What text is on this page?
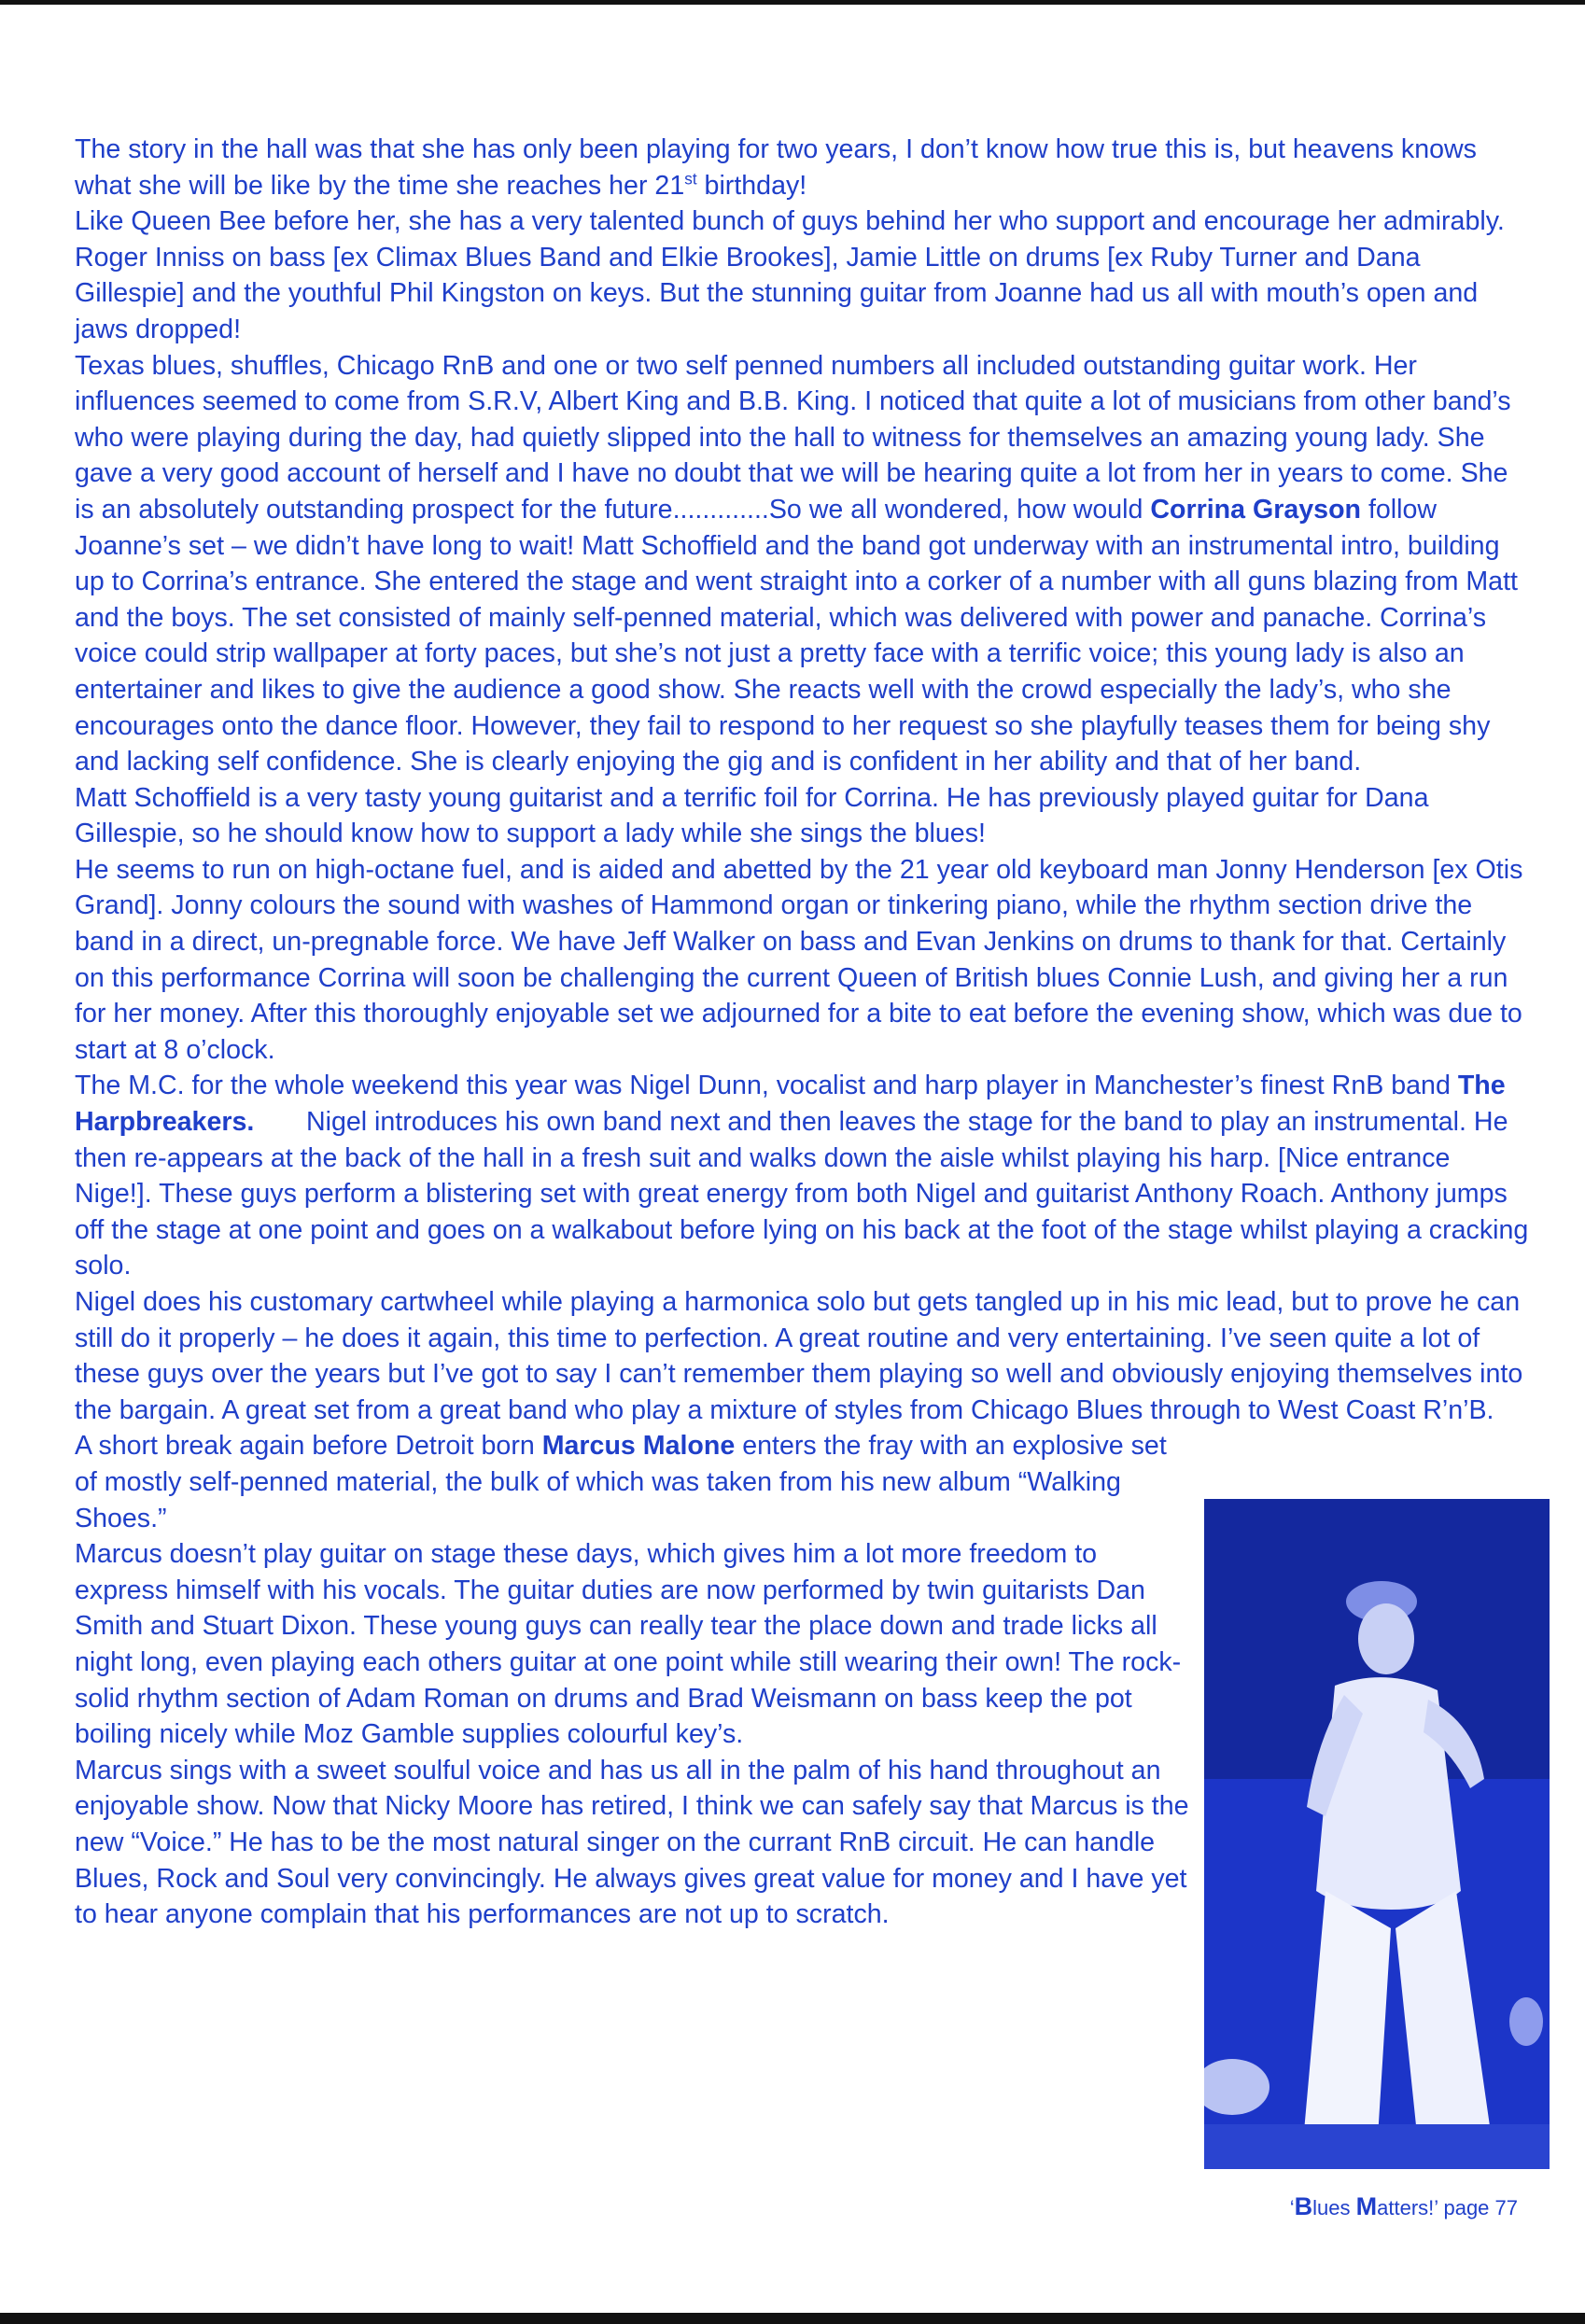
The story in the hall was that she has only been playing for two years, I don’t know how true this is, but heavens knows what she will be like by the time she reaches her 21st birthday!

Like Queen Bee before her, she has a very talented bunch of guys behind her who support and encourage her admirably. Roger Inniss on bass [ex Climax Blues Band and Elkie Brookes], Jamie Little on drums [ex Ruby Turner and Dana Gillespie] and the youthful Phil Kingston on keys. But the stunning guitar from Joanne had us all with mouth’s open and jaws dropped!

Texas blues, shuffles, Chicago RnB and one or two self penned numbers all included outstanding guitar work. Her influences seemed to come from S.R.V, Albert King and B.B. King. I noticed that quite a lot of musicians from other band’s who were playing during the day, had quietly slipped into the hall to witness for themselves an amazing young lady. She gave a very good account of herself and I have no doubt that we will be hearing quite a lot from her in years to come. She is an absolutely outstanding prospect for the future.............So we all wondered, how would Corrina Grayson follow Joanne’s set – we didn’t have long to wait! Matt Schoffield and the band got underway with an instrumental intro, building up to Corrina’s entrance. She entered the stage and went straight into a corker of a number with all guns blazing from Matt and the boys. The set consisted of mainly self-penned material, which was delivered with power and panache. Corrina’s voice could strip wallpaper at forty paces, but she’s not just a pretty face with a terrific voice; this young lady is also an entertainer and likes to give the audience a good show. She reacts well with the crowd especially the lady’s, who she encourages onto the dance floor. However, they fail to respond to her request so she playfully teases them for being shy and lacking self confidence. She is clearly enjoying the gig and is confident in her ability and that of her band.

Matt Schoffield is a very tasty young guitarist and a terrific foil for Corrina. He has previously played guitar for Dana Gillespie, so he should know how to support a lady while she sings the blues!

He seems to run on high-octane fuel, and is aided and abetted by the 21 year old keyboard man Jonny Henderson [ex Otis Grand]. Jonny colours the sound with washes of Hammond organ or tinkering piano, while the rhythm section drive the band in a direct, un-pregnable force. We have Jeff Walker on bass and Evan Jenkins on drums to thank for that. Certainly on this performance Corrina will soon be challenging the current Queen of British blues Connie Lush, and giving her a run for her money. After this thoroughly enjoyable set we adjourned for a bite to eat before the evening show, which was due to start at 8 o’clock.

The M.C. for the whole weekend this year was Nigel Dunn, vocalist and harp player in Manchester’s finest RnB band The Harpbreakers.       Nigel introduces his own band next and then leaves the stage for the band to play an instrumental. He then re-appears at the back of the hall in a fresh suit and walks down the aisle whilst playing his harp. [Nice entrance Nige!]. These guys perform a blistering set with great energy from both Nigel and guitarist Anthony Roach. Anthony jumps off the stage at one point and goes on a walkabout before lying on his back at the foot of the stage whilst playing a cracking solo.

Nigel does his customary cartwheel while playing a harmonica solo but gets tangled up in his mic lead, but to prove he can still do it properly – he does it again, this time to perfection. A great routine and very entertaining. I’ve seen quite a lot of these guys over the years but I’ve got to say I can’t remember them playing so well and obviously enjoying themselves into the bargain. A great set from a great band who play a mixture of styles from Chicago Blues through to West Coast R’n’B.

A short break again before Detroit born Marcus Malone enters the fray with an explosive set of mostly self-penned material, the bulk of which was taken from his new album “Walking Shoes.”

Marcus doesn’t play guitar on stage these days, which gives him a lot more freedom to express himself with his vocals. The guitar duties are now performed by twin guitarists Dan Smith and Stuart Dixon. These young guys can really tear the place down and trade licks all night long, even playing each others guitar at one point while still wearing their own! The rock-solid rhythm section of Adam Roman on drums and Brad Weismann on bass keep the pot boiling nicely while Moz Gamble supplies colourful key’s.

Marcus sings with a sweet soulful voice and has us all in the palm of his hand throughout an enjoyable show. Now that Nicky Moore has retired, I think we can safely say that Marcus is the new “Voice.” He has to be the most natural singer on the currant RnB circuit. He can handle Blues, Rock and Soul very convincingly. He always gives great value for money and I have yet to hear anyone complain that his performances are not up to scratch.

‘Blues Matters!’ page 77
